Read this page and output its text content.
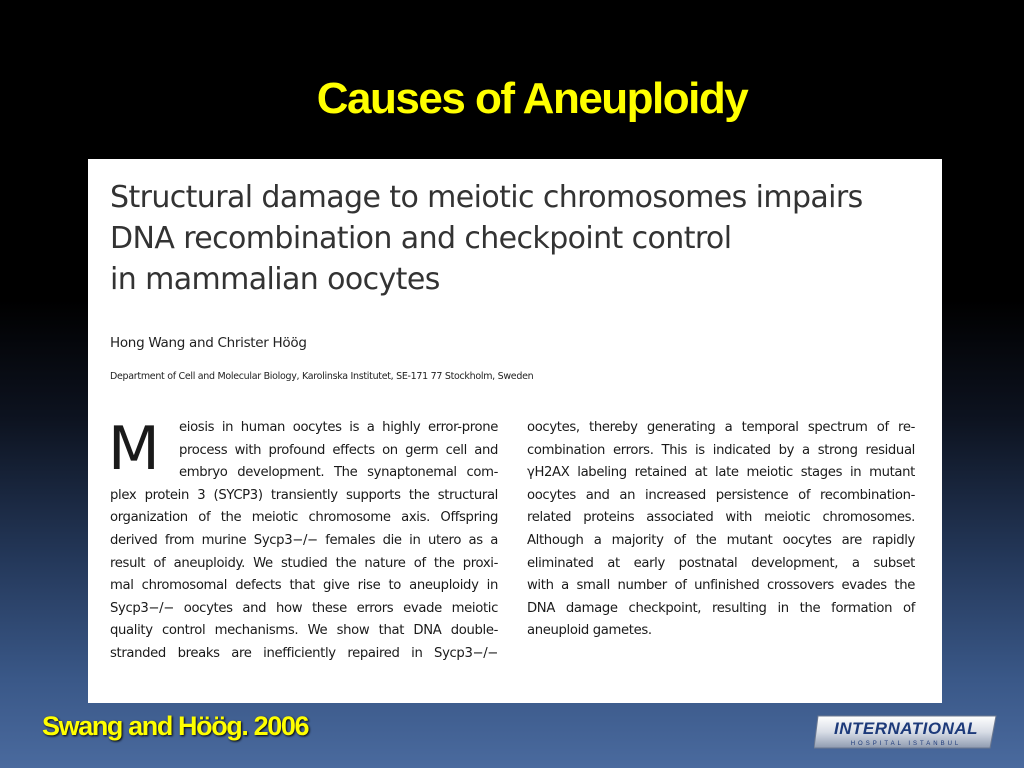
Causes of Aneuploidy
Structural damage to meiotic chromosomes impairs
DNA recombination and checkpoint control
in mammalian oocytes
Hong Wang and Christer Höög
Department of Cell and Molecular Biology, Karolinska Institutet, SE-171 77 Stockholm, Sweden
M	eiosis in human oocytes is a highly error-prone
process with profound effects on germ cell and
embryo development. The synaptonemal com-
plex protein 3 (SYCP3) transiently supports the structural
organization of the meiotic chromosome axis. Offspring
derived from murine Sycp3−/− females die in utero as a
result of aneuploidy. We studied the nature of the proxi-
mal chromosomal defects that give rise to aneuploidy in
Sycp3−/− oocytes and how these errors evade meiotic
quality control mechanisms. We show that DNA double-
stranded breaks are inefficiently repaired in Sycp3−/−
oocytes, thereby generating a temporal spectrum of re-
combination errors. This is indicated by a strong residual
γH2AX labeling retained at late meiotic stages in mutant
oocytes and an increased persistence of recombination-
related proteins associated with meiotic chromosomes.
Although a majority of the mutant oocytes are rapidly
eliminated at early postnatal development, a subset
with a small number of unfinished crossovers evades the
DNA damage checkpoint, resulting in the formation of
aneuploid gametes.
Swang and Höög. 2006	INTERNATIONAL
HOSPITAL ISTANBUL
